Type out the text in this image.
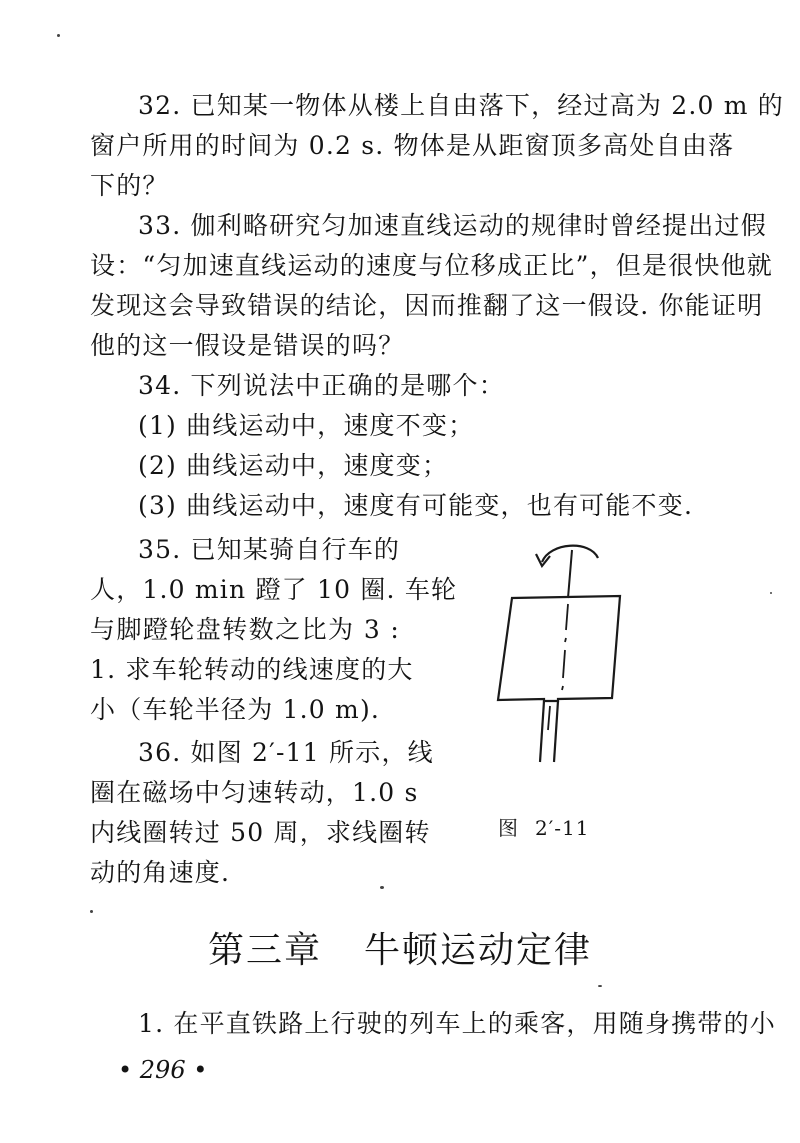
32. 已知某一物体从楼上自由落下，经过高为 2.0 m 的
窗户所用的时间为 0.2 s. 物体是从距窗顶多高处自由落
下的？
33. 伽利略研究匀加速直线运动的规律时曾经提出过假
设：“匀加速直线运动的速度与位移成正比”，但是很快他就
发现这会导致错误的结论，因而推翻了这一假设. 你能证明
他的这一假设是错误的吗？
34. 下列说法中正确的是哪个：
(1) 曲线运动中，速度不变；
(2) 曲线运动中，速度变；
(3) 曲线运动中，速度有可能变，也有可能不变.
35. 已知某骑自行车的
人，1.0 min 蹬了 10 圈. 车轮
与脚蹬轮盘转数之比为 3 :
1. 求车轮转动的线速度的大
小（车轮半径为 1.0 m).
36. 如图 2′-11 所示，线
圈在磁场中匀速转动，1.0 s
内线圈转过 50 周，求线圈转
动的角速度.
图 2′-11
第三章 牛顿运动定律
1. 在平直铁路上行驶的列车上的乘客，用随身携带的小
• 296 •
